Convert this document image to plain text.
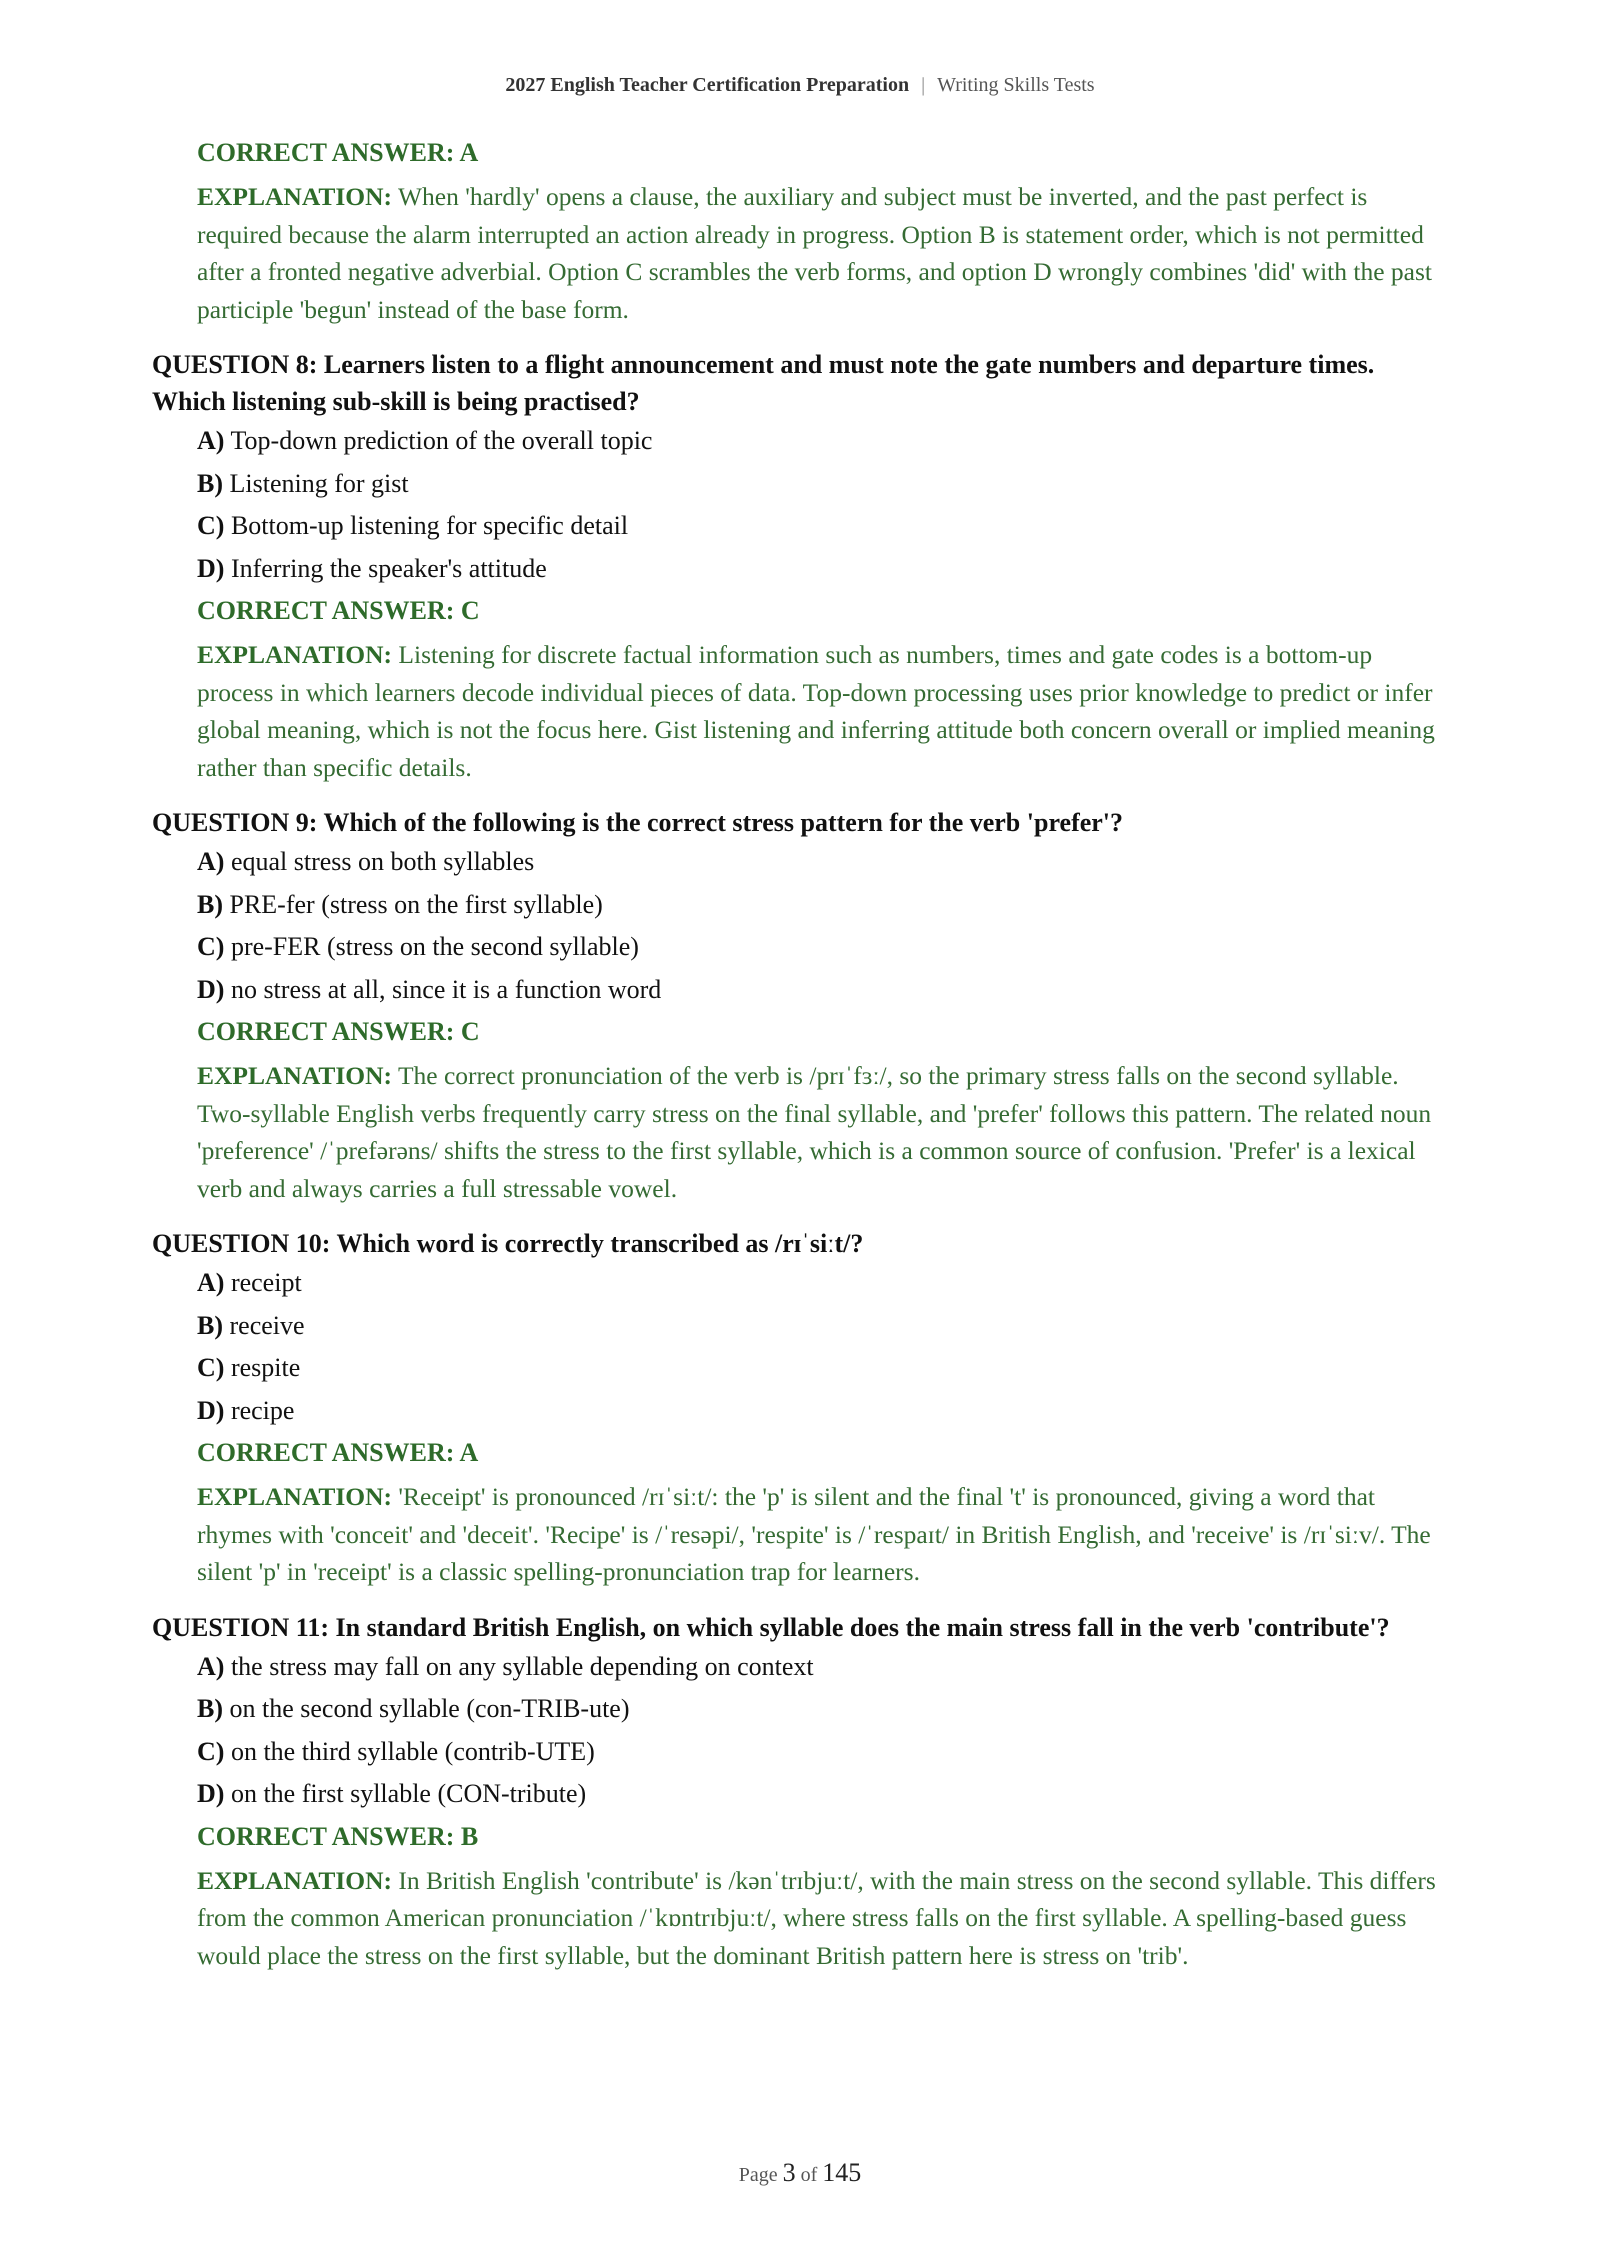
2027 English Teacher Certification Preparation | Writing Skills Tests
CORRECT ANSWER: A
EXPLANATION: When 'hardly' opens a clause, the auxiliary and subject must be inverted, and the past perfect is required because the alarm interrupted an action already in progress. Option B is statement order, which is not permitted after a fronted negative adverbial. Option C scrambles the verb forms, and option D wrongly combines 'did' with the past participle 'begun' instead of the base form.
QUESTION 8: Learners listen to a flight announcement and must note the gate numbers and departure times. Which listening sub-skill is being practised?
A) Top-down prediction of the overall topic
B) Listening for gist
C) Bottom-up listening for specific detail
D) Inferring the speaker's attitude
CORRECT ANSWER: C
EXPLANATION: Listening for discrete factual information such as numbers, times and gate codes is a bottom-up process in which learners decode individual pieces of data. Top-down processing uses prior knowledge to predict or infer global meaning, which is not the focus here. Gist listening and inferring attitude both concern overall or implied meaning rather than specific details.
QUESTION 9: Which of the following is the correct stress pattern for the verb 'prefer'?
A) equal stress on both syllables
B) PRE-fer (stress on the first syllable)
C) pre-FER (stress on the second syllable)
D) no stress at all, since it is a function word
CORRECT ANSWER: C
EXPLANATION: The correct pronunciation of the verb is /prɪˈfɜː/, so the primary stress falls on the second syllable. Two-syllable English verbs frequently carry stress on the final syllable, and 'prefer' follows this pattern. The related noun 'preference' /ˈprefərəns/ shifts the stress to the first syllable, which is a common source of confusion. 'Prefer' is a lexical verb and always carries a full stressable vowel.
QUESTION 10: Which word is correctly transcribed as /rɪˈsiːt/?
A) receipt
B) receive
C) respite
D) recipe
CORRECT ANSWER: A
EXPLANATION: 'Receipt' is pronounced /rɪˈsiːt/: the 'p' is silent and the final 't' is pronounced, giving a word that rhymes with 'conceit' and 'deceit'. 'Recipe' is /ˈresəpi/, 'respite' is /ˈrespaɪt/ in British English, and 'receive' is /rɪˈsiːv/. The silent 'p' in 'receipt' is a classic spelling-pronunciation trap for learners.
QUESTION 11: In standard British English, on which syllable does the main stress fall in the verb 'contribute'?
A) the stress may fall on any syllable depending on context
B) on the second syllable (con-TRIB-ute)
C) on the third syllable (contrib-UTE)
D) on the first syllable (CON-tribute)
CORRECT ANSWER: B
EXPLANATION: In British English 'contribute' is /kənˈtrɪbjuːt/, with the main stress on the second syllable. This differs from the common American pronunciation /ˈkɒntrɪbjuːt/, where stress falls on the first syllable. A spelling-based guess would place the stress on the first syllable, but the dominant British pattern here is stress on 'trib'.
Page 3 of 145
